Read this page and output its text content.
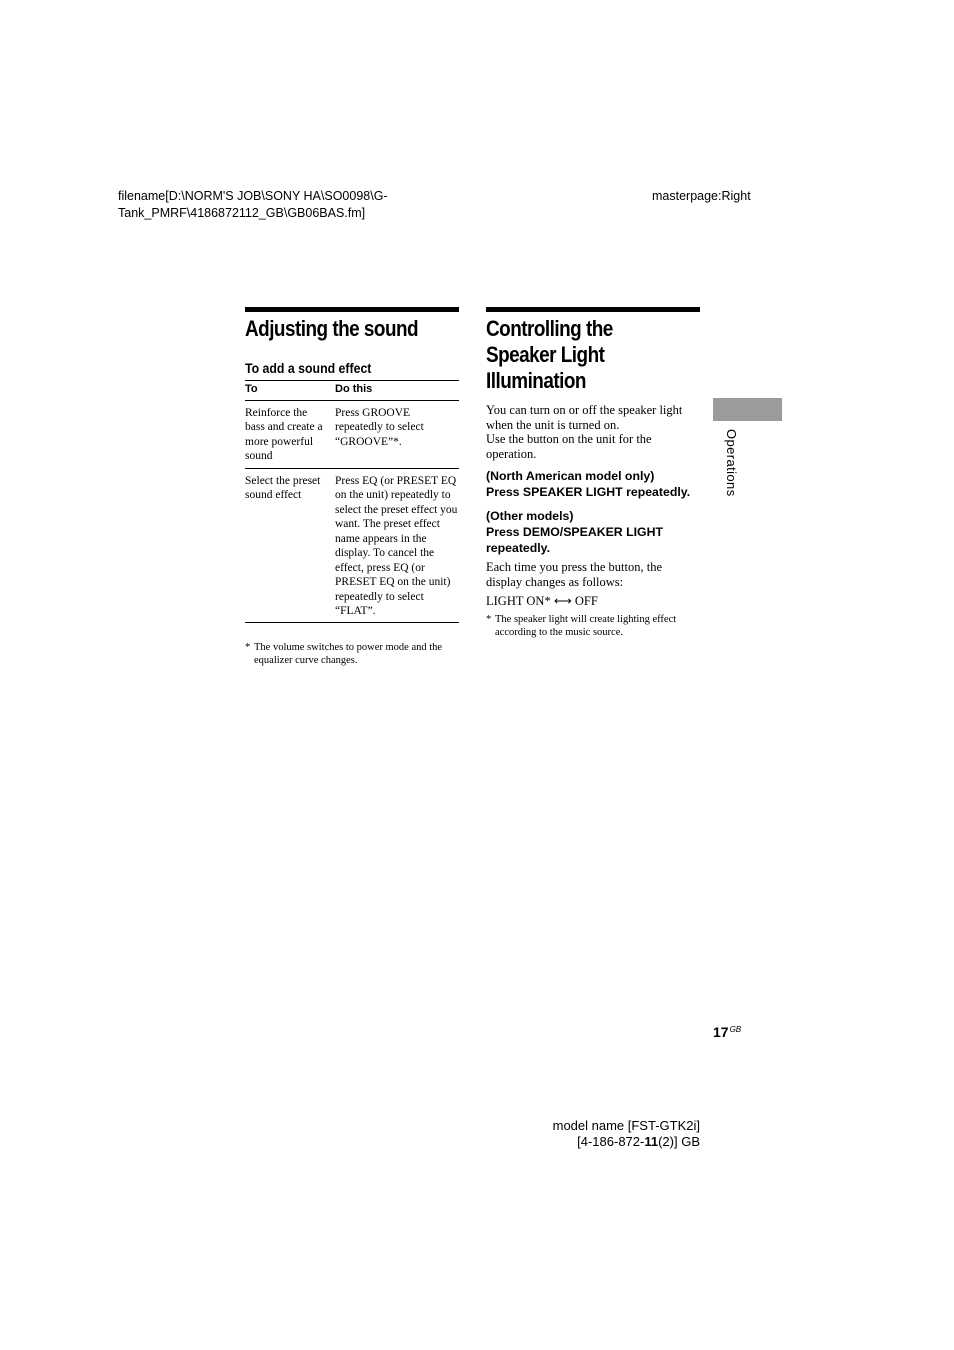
filename[D:\NORM'S JOB\SONY HA\SO0098\G-
Tank_PMRF\4186872112_GB\GB06BAS.fm]
masterpage:Right
Adjusting the sound
To add a sound effect
To	Do this
Reinforce the bass and create a more powerful sound	Press GROOVE repeatedly to select “GROOVE”*.
Select the preset sound effect	Press EQ (or PRESET EQ on the unit) repeatedly to select the preset effect you want. The preset effect name appears in the display. To cancel the effect, press EQ (or PRESET EQ on the unit) repeatedly to select “FLAT”.
* The volume switches to power mode and the equalizer curve changes.
Controlling the
Speaker Light
Illumination
You can turn on or off the speaker light when the unit is turned on.
Use the button on the unit for the operation.
(North American model only)
Press SPEAKER LIGHT repeatedly.
(Other models)
Press DEMO/SPEAKER LIGHT repeatedly.
Each time you press the button, the display changes as follows:
LIGHT ON* ⟷ OFF
* The speaker light will create lighting effect according to the music source.
Operations
$17^{GB}$
model name [FST-GTK2i]
[4-186-872-11(2)] GB
